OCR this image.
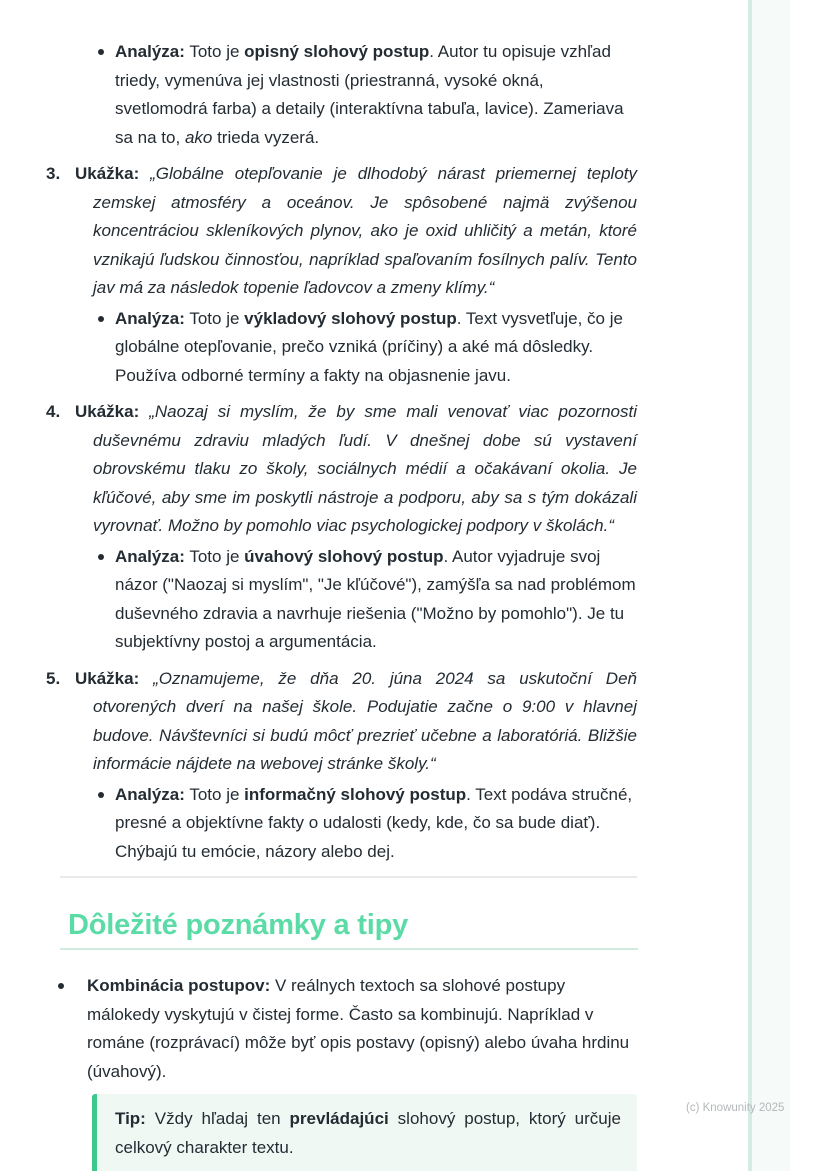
(c) Knowunity 2025
Analýza: Toto je opisný slohový postup. Autor tu opisuje vzhľad triedy, vymenúva jej vlastnosti (priestranná, vysoké okná, svetlomodrá farba) a detaily (interaktívna tabuľa, lavice). Zameriava sa na to, ako trieda vyzerá.
3. Ukážka: „Globálne otepľovanie je dlhodobý nárast priemernej teploty zemskej atmosféry a oceánov. Je spôsobené najmä zvýšenou koncentráciou skleníkových plynov, ako je oxid uhličitý a metán, ktoré vznikajú ľudskou činnosťou, napríklad spaľovaním fosílnych palív. Tento jav má za následok topenie ľadovcov a zmeny klímy.“
Analýza: Toto je výkladový slohový postup. Text vysvetľuje, čo je globálne otepľovanie, prečo vzniká (príčiny) a aké má dôsledky. Používa odborné termíny a fakty na objasnenie javu.
4. Ukážka: „Naozaj si myslím, že by sme mali venovať viac pozornosti duševnému zdraviu mladých ľudí. V dnešnej dobe sú vystavení obrovskému tlaku zo školy, sociálnych médií a očakávaní okolia. Je kľúčové, aby sme im poskytli nástroje a podporu, aby sa s tým dokázali vyrovnať. Možno by pomohlo viac psychologickej podpory v školách.“
Analýza: Toto je úvahový slohový postup. Autor vyjadruje svoj názor ("Naozaj si myslím", "Je kľúčové"), zamýšľa sa nad problémom duševného zdravia a navrhuje riešenia ("Možno by pomohlo"). Je tu subjektívny postoj a argumentácia.
5. Ukážka: „Oznamujeme, že dňa 20. júna 2024 sa uskutoční Deň otvorených dverí na našej škole. Podujatie začne o 9:00 v hlavnej budove. Návštevníci si budú môcť prezrieť učebne a laboratóriá. Bližšie informácie nájdete na webovej stránke školy.“
Analýza: Toto je informačný slohový postup. Text podáva stručné, presné a objektívne fakty o udalosti (kedy, kde, čo sa bude diať). Chýbajú tu emócie, názory alebo dej.
Dôležité poznámky a tipy
Kombinácia postupov: V reálnych textoch sa slohové postupy málokedy vyskytujú v čistej forme. Často sa kombinujú. Napríklad v románe (rozprávací) môže byť opis postavy (opisný) alebo úvaha hrdinu (úvahový).
Tip: Vždy hľadaj ten prevládajúci slohový postup, ktorý určuje celkový charakter textu.
